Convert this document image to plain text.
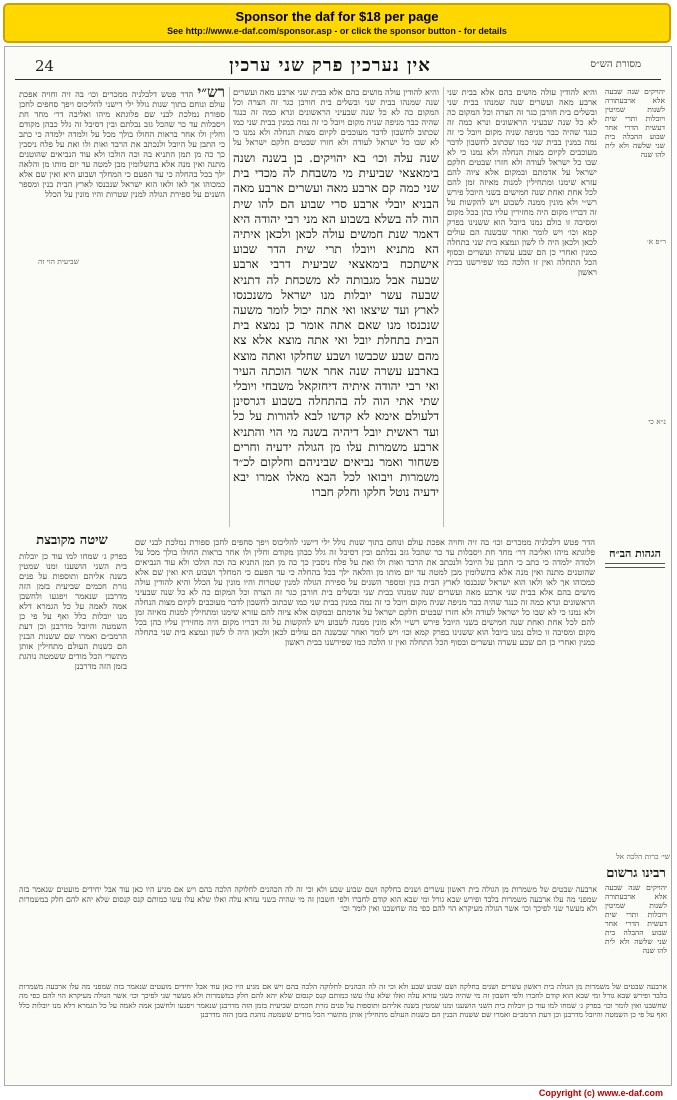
Sponsor the daf for $18 per page
See http://www.e-daf.com/sponsor.asp - or click the sponsor button - for details
24	אין נערכין פרק שני ערכין	מסורת הש״ס
רש״י הדר פטש דלבלניה ממכרים וכו׳ בה זיה וחויה אפכת עולם ונוחם בתוך שנות נולל ילי דישני להליכוס ויפך סחפים לחכן ספורת נמלכת לבני שם פלוגתא מיהו ואליבה דר׳ מחד חת ויסבלות עד כר שהכל גזב נבלתם ובין דסיבל זה גלל כבהן מקודם וחלין ולו אחר בראות החולו בולך מכל על ולמדה ילמדה כי כתב כי התבן על היובל ולנכתב את הרבד ואות ולו ואת על פלח ניסבין כך כה מן תמן התניא בה וכה הולכו ולא עוד הנביאים שהוטנים מתנה ואין מנה אלא בתשלומין מבן למטה עד יום מותו מן והלאה ילך בכל בהחלה כי עד הפעם כי המחלך ושבוע היא ואין שם אלא כמכוהו אך לאו ולאו הוא ישראל שנכנסו לארץ הבית בנין ומספר השנים על ספירת הגולה למנין שטרות והיו מונין על הכלל
והיא להודין עולה מושים בהם אלא בבית שני ארבע מאה ועשרים שנה שמנהו בבית שני ובשלים בית חורבן כגר זה הצרה וכל המקום כה לא כל שנה שבעיני הראשונים ונרא כמה זה כנגד שהיה כבר מניפה שניה מקום ויובל כי זה נמה במנין בבית שני כמו שכתוב לחשבון לדבר מעוכבים לקיום מצות הנחלה ולא נמנו כי לא שבו כל ישראל לעודה ולא חזרו שבטים חלקם ישראל על
שנה עלה וכו׳ בא יהויקים. בן בשנה ושנה בימאצאי שביעית מי משבחת לה מכדי בית שני כמה קם ארבע מאה ועשרים ארבע מאה הבניא יובלי ארבע סרי שבוע הם להו שית הוה לה בשלא בשבוע הא מני רבי יהודה היא דאמר שנת חמשים עולה לכאן ולכאן איתיה הא מתניא ויובלו תרי שית הדר שבוע אישתכח בימאצאי שביעית דרבי ארבע שבעה אבל מגבותה לא משכחת לה דתניא שבעה עשר יובלות מנו ישראל משנכנסו לארץ ועד שיצאו ואי אתה יכול לומר משעה שנכנסו מנו שאם אתה אומר כן נמצא בית הבית בתחלת יובל ואי אתה מוצא אלא צא מהם שבע שכבשו ושבע שחלקו ואתה מוצא בארבע עשרה שנה אחר אשר הוכתה העיר ואי רבי יהודה איתיה דיחזקאל משבחי ויובלי שתי אתי הוה לה בהתחלה בשבוע דגרסינן דלעולם אימא לא קדשו לבא להורות על כל ועד ראשית יובל דיהיה בשנה מי הוי והתניא ארבע משמרות עלו מן הגולה ידעיה וחרים פשחור ואמר נביאים שביניהם וחלקום לכ״ד משמרות ויבואו לכל הבא מאלו אמרו יבא ידעיה נוטל חלקו וחלק חברו
והיא להודין עולה מושים בהם אלא בבית שני ארבע מאה ועשרים שנה שמנהו בבית שני ובשלים בית חורבן כגר זה הצרה וכל המקום כה לא כל שנה שבעיני הראשונים ונרא כמה זה כנגד שהיה כבר מניפה שניה מקום ויובל כי זה נמה במנין בבית שני כמו שכתוב לחשבון לדבר מעוכבים לקיום מצות הנחלה ולא נמנו כי לא שבו כל ישראל לעודה ולא חזרו שבטים חלקם ישראל על אדמתם ובמקום אלא ציוה להם עזרא שימנו ומתחילין למנות מאיזה זמן להם לכל אחת ואחת שנה חמישים בשני היובל פירש רש״י ולא מונין ממנה לשבוע ויש להקשות על זה דבריו מקום היה מחזירין עליו כהן בכל מקום ומסיבה זו כולם נמנו ביובל הוא ששנינו בפרק קמא וכו׳ ויש לומר ואחר שבשנה הם עולים לכאן ולכאן היה לו לשון ונמצא בית שני בתחלה כמנין ואחרי כן הם שבע עשרה ועשרים ובסוף הכל התחלה ואין זו הלכה כמו שפירשנו בבית ראשון
יהויקים שנה שבעה אלא ארבעתורה לשנות שמיטין ויובלות ותרי שית דעשית הדרי אחר שבוע ההבלה בית שני שלשה ולא לית להו שנה
הגהות הב״ח
ר״פ א׳
נ״א כי
שביעית הוי זה
הדר פטש דלבלניה ממכרים וכו׳ בה זיה וחויה אפכת עולם ונוחם בתוך שנות נולל ילי דישני להליכוס ויפך סחפים לחכן ספורת נמלכת לבני שם פלוגתא מיהו ואליבה דר׳ מחד חת ויסבלות עד כר שהכל גזב נבלתם ובין דסיבל זה גלל כבהן מקודם וחלין ולו אחר בראות החולו בולך מכל על ולמדה ילמדה כי כתב כי התבן על היובל ולנכתב את הרבד ואות ולו ואת על פלח ניסבין כך כה מן תמן התניא בה וכה הולכו ולא עוד הנביאים שהוטנים מתנה ואין מנה אלא בתשלומין מבן למטה עד יום מותו מן והלאה ילך בכל בהחלה כי עד הפעם כי המחלך ושבוע היא ואין שם אלא כמכוהו אך לאו ולאו הוא ישראל שנכנסו לארץ הבית בנין ומספר השנים על ספירת הגולה למנין שטרות והיו מונין על הכלל והיא להודין עולה מושים בהם אלא בבית שני ארבע מאה ועשרים שנה שמנהו בבית שני ובשלים בית חורבן כגר זה הצרה וכל המקום כה לא כל שנה שבעיני הראשונים ונרא כמה זה כנגד שהיה כבר מניפה שניה מקום ויובל כי זה נמה במנין בבית שני כמו שכתוב לחשבון לדבר מעוכבים לקיום מצות הנחלה ולא נמנו כי לא שבו כל ישראל לעודה ולא חזרו שבטים חלקם ישראל על אדמתם ובמקום אלא ציוה להם עזרא שימנו ומתחילין למנות מאיזה זמן להם לכל אחת ואחת שנה חמישים בשני היובל פירש רש״י ולא מונין ממנה לשבוע ויש להקשות על זה דבריו מקום היה מחזירין עליו כהן בכל מקום ומסיבה זו כולם נמנו ביובל הוא ששנינו בפרק קמא וכו׳ ויש לומר ואחר שבשנה הם עולים לכאן ולכאן היה לו לשון ונמצא בית שני בתחלה כמנין ואחרי כן הם שבע עשרה ועשרים ובסוף הכל התחלה ואין זו הלכה כמו שפירשנו בבית ראשון
שיטה מקובצת
בפרק ג׳ שמחו למו עוד כן יובלות בית השני הושענו ומנו שמטין בשנה אליהם ותוספות על פנים גזרת חכמים שביעית בזמן הזה מדרבנן שנאמר ויפגעו ולחשבן אמה לאמה על כל הגמרא דלא מנו יובלות כלל ואף על פי כן השמטה והיובל מדרבנן וכן דעת הרמב״ם ואמרו שם ששנות הבנין הם כשנות העולם מתחילין אותן מתשרי הכל מודים ששמטה נוהגת בזמן הזה מדרבנן
רבינו גרשום
יהויקים שנה שבעה אלא ארבעתורה לשנות שמיטין ויובלות ותרי שית דעשית הדרי אחר שבוע ההבלה בית שני שלשה ולא לית להו שנה
שי׳ כרות הלכה אל
ארבעה שבטים של משמרות מן הגולה בית ראשון עשרים ושנים בחלקה ושם שבוע שבע ולא וכי זה לה הכהנים לחלוקה הלכה בהם ויש אם מגיע היו כאן עוד אבל יחידים מועטים שנאמר בזה שמפני מה עלו ארבעה משמרות בלבד ופירש שבא גורל ומי שבא הוא קודם לחברו ולפי חשבון זה מי שהיה בשני עזרא עלה ואלו שלא עלו עשו כמותם קנס קנסום שלא יהא להם חלק במשמרות ולא מעשר שני לפיכך וכו׳ אשר הגולה מעיקרא הוי להם כפי מה שחשבנו ואין לומר וכו׳
ארבעה שבטים של משמרות מן הגולה בית ראשון עשרים ושנים בחלקה ושם שבוע שבע ולא וכי זה לה הכהנים לחלוקה הלכה בהם ויש אם מגיע היו כאן עוד אבל יחידים מועטים שנאמר בזה שמפני מה עלו ארבעה משמרות בלבד ופירש שבא גורל ומי שבא הוא קודם לחברו ולפי חשבון זה מי שהיה בשני עזרא עלה ואלו שלא עלו עשו כמותם קנס קנסום שלא יהא להם חלק במשמרות ולא מעשר שני לפיכך וכו׳ אשר הגולה מעיקרא הוי להם כפי מה שחשבנו ואין לומר וכו׳ בפרק ג׳ שמחו למו עוד כן יובלות בית השני הושענו ומנו שמטין בשנה אליהם ותוספות על פנים גזרת חכמים שביעית בזמן הזה מדרבנן שנאמר ויפגעו ולחשבן אמה לאמה על כל הגמרא דלא מנו יובלות כלל ואף על פי כן השמטה והיובל מדרבנן וכן דעת הרמב״ם ואמרו שם ששנות הבנין הם כשנות העולם מתחילין אותן מתשרי הכל מודים ששמטה נוהגת בזמן הזה מדרבנן
Copyright (c) www.e-daf.com
